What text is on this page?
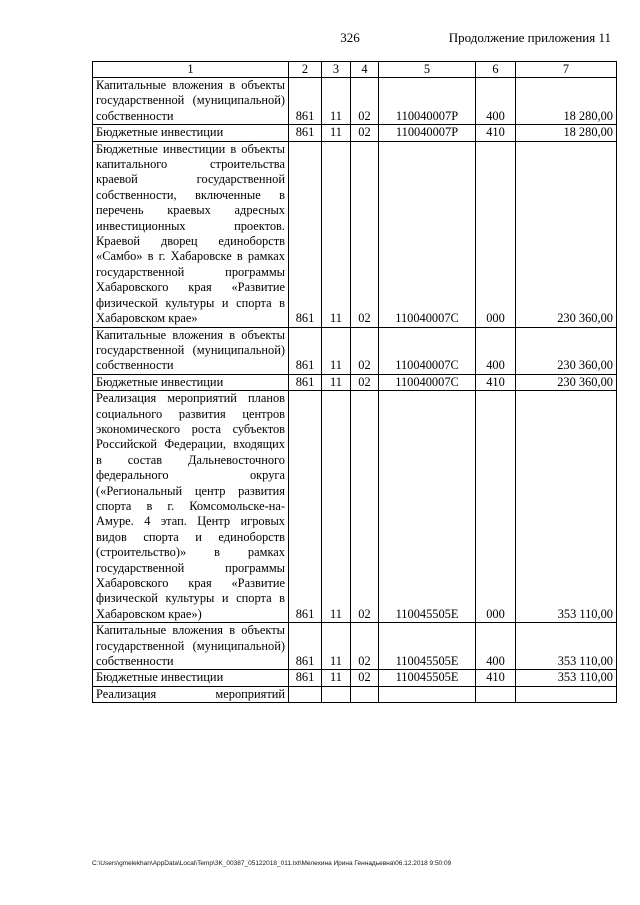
326	Продолжение приложения 11
1	2	3	4	5	6	7
Капитальные вложения в объекты государственной (муниципальной) собственности	861	11	02	110040007Р	400	18 280,00
Бюджетные инвестиции	861	11	02	110040007Р	410	18 280,00
Бюджетные инвестиции в объекты капитального строительства краевой государственной собственности, включенные в перечень краевых адресных инвестиционных проектов. Краевой дворец единоборств «Самбо» в г. Хабаровске в рамках государственной программы Хабаровского края «Развитие физической культуры и спорта в Хабаровском крае»	861	11	02	110040007С	000	230 360,00
Капитальные вложения в объекты государственной (муниципальной) собственности	861	11	02	110040007С	400	230 360,00
Бюджетные инвестиции	861	11	02	110040007С	410	230 360,00
Реализация мероприятий планов социального развития центров экономического роста субъектов Российской Федерации, входящих в состав Дальневосточного федерального округа («Региональный центр развития спорта в г. Комсомольске-на-Амуре. 4 этап. Центр игровых видов спорта и единоборств (строительство)» в рамках государственной программы Хабаровского края «Развитие физической культуры и спорта в Хабаровском крае»)	861	11	02	110045505Е	000	353 110,00
Капитальные вложения в объекты государственной (муниципальной) собственности	861	11	02	110045505Е	400	353 110,00
Бюджетные инвестиции	861	11	02	110045505Е	410	353 110,00
Реализация мероприятий						
C:\Users\gmelekhan\AppData\Local\Temp\3K_00387_05122018_011.txt\Мелехина Ирина Геннадьевна\06.12.2018 9:50:09
